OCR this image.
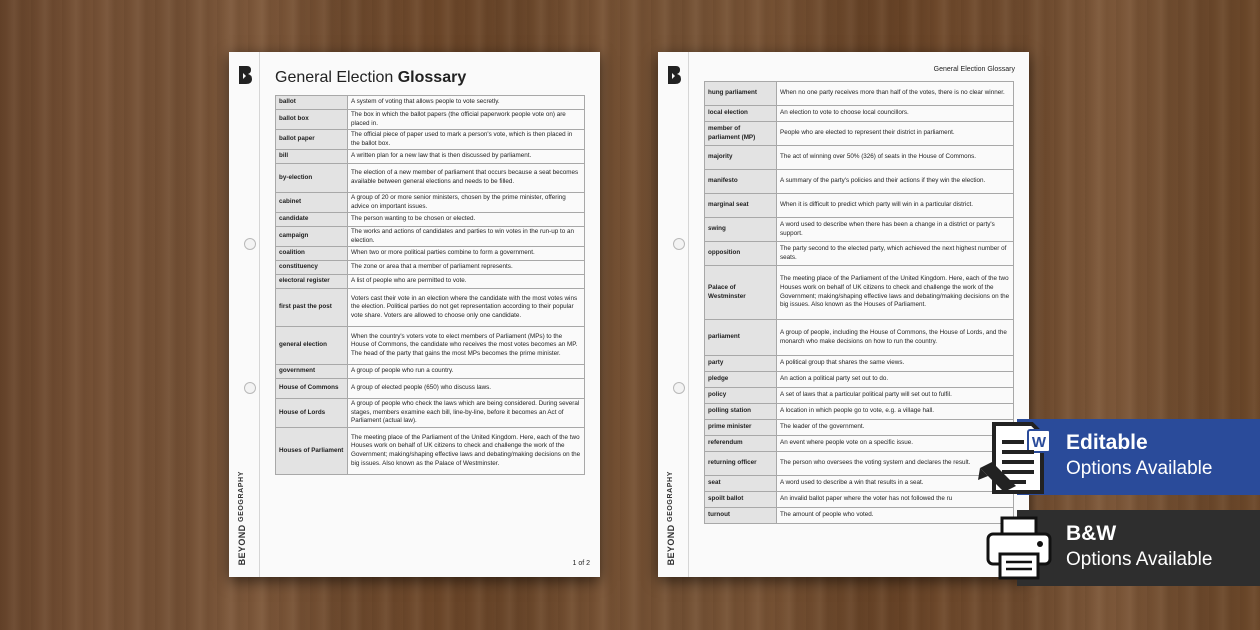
BEYOND GEOGRAPHY
General Election Glossary
ballot	A system of voting that allows people to vote secretly.
ballot box	The box in which the ballot papers (the official paperwork people vote on) are placed in.
ballot paper	The official piece of paper used to mark a person's vote, which is then placed in the ballot box.
bill	A written plan for a new law that is then discussed by parliament.
by-election	The election of a new member of parliament that occurs because a seat becomes available between general elections and needs to be filled.
cabinet	A group of 20 or more senior ministers, chosen by the prime minister, offering advice on important issues.
candidate	The person wanting to be chosen or elected.
campaign	The works and actions of candidates and parties to win votes in the run-up to an election.
coalition	When two or more political parties combine to form a government.
constituency	The zone or area that a member of parliament represents.
electoral register	A list of people who are permitted to vote.
first past the post	Voters cast their vote in an election where the candidate with the most votes wins the election. Political parties do not get representation according to their popular vote share. Voters are allowed to choose only one candidate.
general election	When the country's voters vote to elect members of Parliament (MPs) to the House of Commons, the candidate who receives the most votes becomes an MP. The head of the party that gains the most MPs becomes the prime minister.
government	A group of people who run a country.
House of Commons	A group of elected people (650) who discuss laws.
House of Lords	A group of people who check the laws which are being considered. During several stages, members examine each bill, line-by-line, before it becomes an Act of Parliament (actual law).
Houses of Parliament	The meeting place of the Parliament of the United Kingdom. Here, each of the two Houses work on behalf of UK citizens to check and challenge the work of the Government; making/shaping effective laws and debating/making decisions on the big issues. Also known as the Palace of Westminster.
1 of 2	BEYOND GEOGRAPHY
General Election Glossary
hung parliament	When no one party receives more than half of the votes, there is no clear winner.
local election	An election to vote to choose local councillors.
member of parliament (MP)	People who are elected to represent their district in parliament.
majority	The act of winning over 50% (326) of seats in the House of Commons.
manifesto	A summary of the party's policies and their actions if they win the election.
marginal seat	When it is difficult to predict which party will win in a particular district.
swing	A word used to describe when there has been a change in a district or party's support.
opposition	The party second to the elected party, which achieved the next highest number of seats.
Palace of Westminster	The meeting place of the Parliament of the United Kingdom. Here, each of the two Houses work on behalf of UK citizens to check and challenge the work of the Government; making/shaping effective laws and debating/making decisions on the big issues. Also known as the Houses of Parliament.
parliament	A group of people, including the House of Commons, the House of Lords, and the monarch who make decisions on how to run the country.
party	A political group that shares the same views.
pledge	An action a political party set out to do.
policy	A set of laws that a particular political party will set out to fulfil.
polling station	A location in which people go to vote, e.g. a village hall.
prime minister	The leader of the government.
referendum	An event where people vote on a specific issue.
returning officer	The person who oversees the voting system and declares the result.
seat	A word used to describe a win that results in a seat.
spoilt ballot	An invalid ballot paper where the voter has not followed the ru
turnout	The amount of people who voted.
Editable
Options Available
W
B&W
Options Available
